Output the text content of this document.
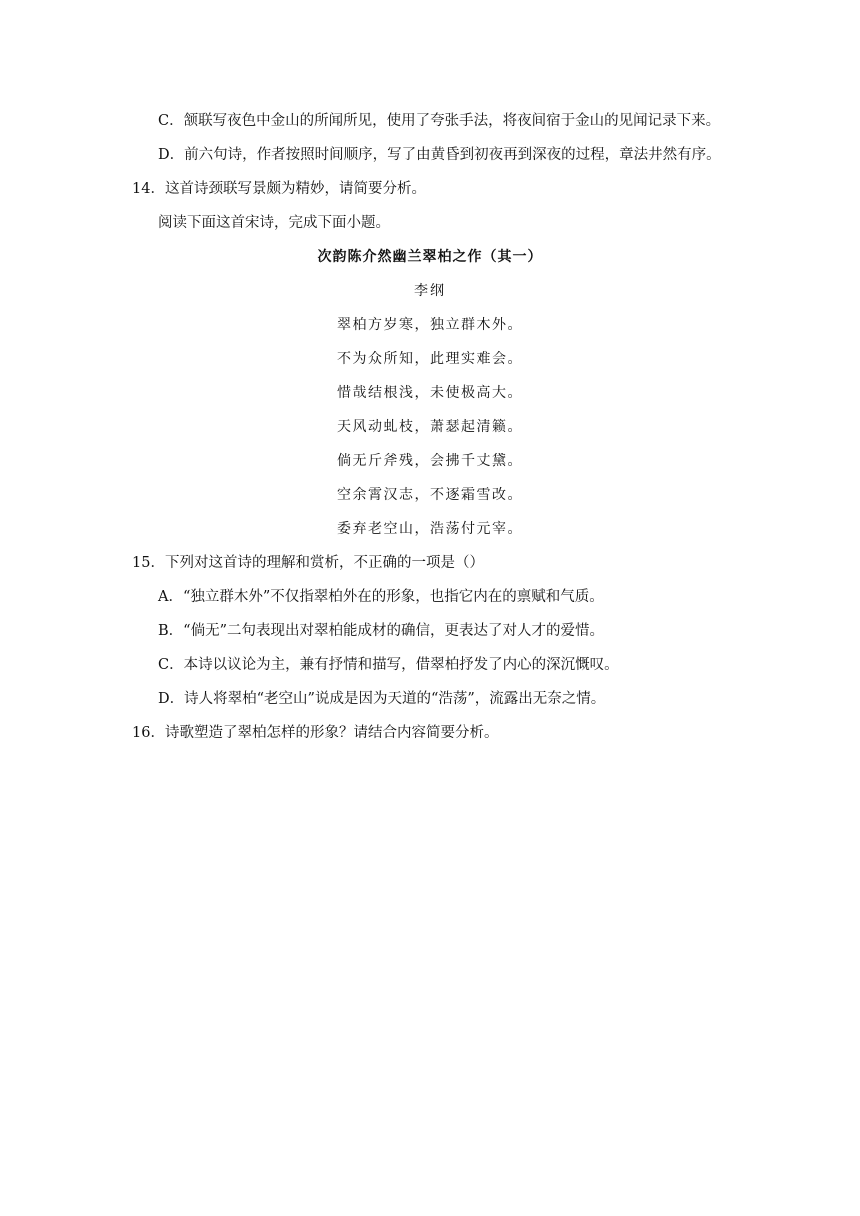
C．颔联写夜色中金山的所闻所见，使用了夸张手法，将夜间宿于金山的见闻记录下来。
D．前六句诗，作者按照时间顺序，写了由黄昏到初夜再到深夜的过程，章法井然有序。
14．这首诗颈联写景颇为精妙，请简要分析。
阅读下面这首宋诗，完成下面小题。
次韵陈介然幽兰翠柏之作（其一）
李纲
翠柏方岁寒，独立群木外。
不为众所知，此理实难会。
惜哉结根浅，未使极高大。
天风动虬枝，萧瑟起清籁。
倘无斤斧残，会拂千丈黛。
空余霄汉志，不逐霜雪改。
委弃老空山，浩荡付元宰。
15．下列对这首诗的理解和赏析，不正确的一项是（）
A．“独立群木外”不仅指翠柏外在的形象，也指它内在的禀赋和气质。
B．“倘无”二句表现出对翠柏能成材的确信，更表达了对人才的爱惜。
C．本诗以议论为主，兼有抒情和描写，借翠柏抒发了内心的深沉慨叹。
D．诗人将翠柏“老空山”说成是因为天道的“浩荡”，流露出无奈之情。
16．诗歌塑造了翠柏怎样的形象？请结合内容简要分析。
